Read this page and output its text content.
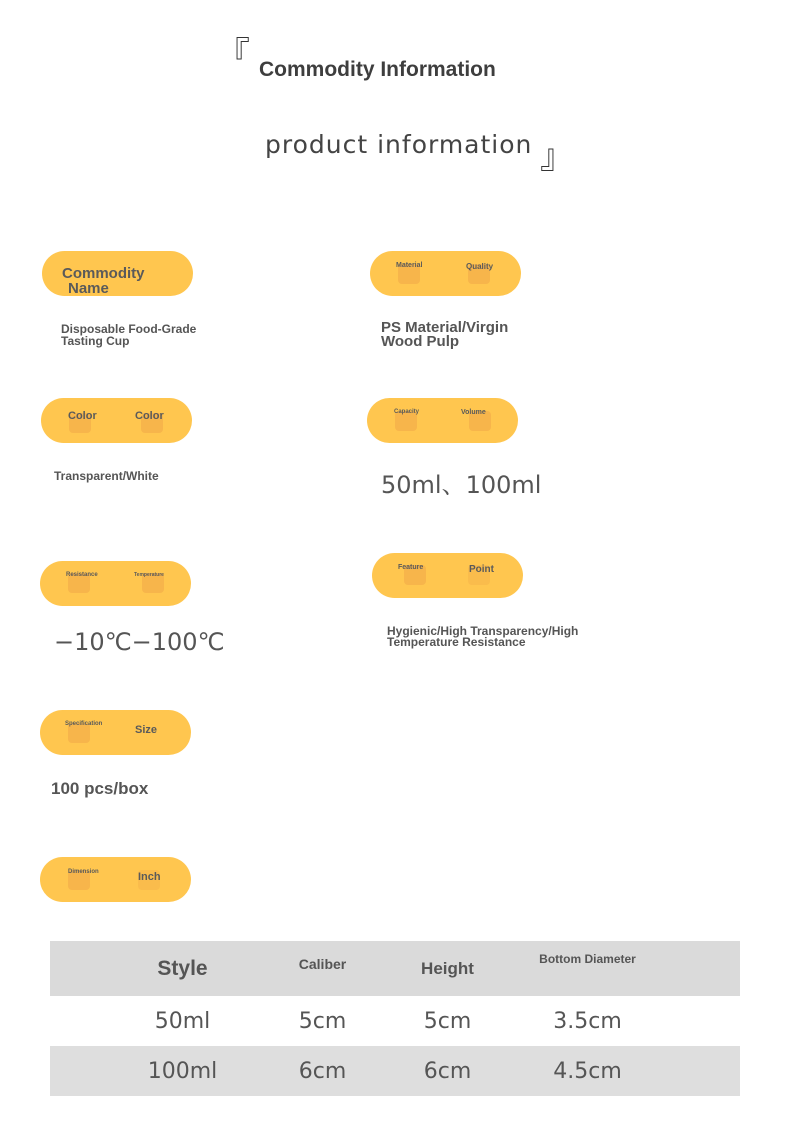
『 Commodity Information
product information 』
Commodity
Name
Disposable Food-Grade Tasting Cup
Material	Quality
PS Material/Virgin Wood Pulp
Color	Color
Transparent/White
Capacity	Volume
50ml、100ml
Resistance	Temperature
−10℃−100℃
Feature	Point
Hygienic/High Transparency/High Temperature Resistance
Specification	Size
100 pcs/box
Dimension	Inch
Style	Caliber	Height	Bottom Diameter
50ml	5cm	5cm	3.5cm
100ml	6cm	6cm	4.5cm
